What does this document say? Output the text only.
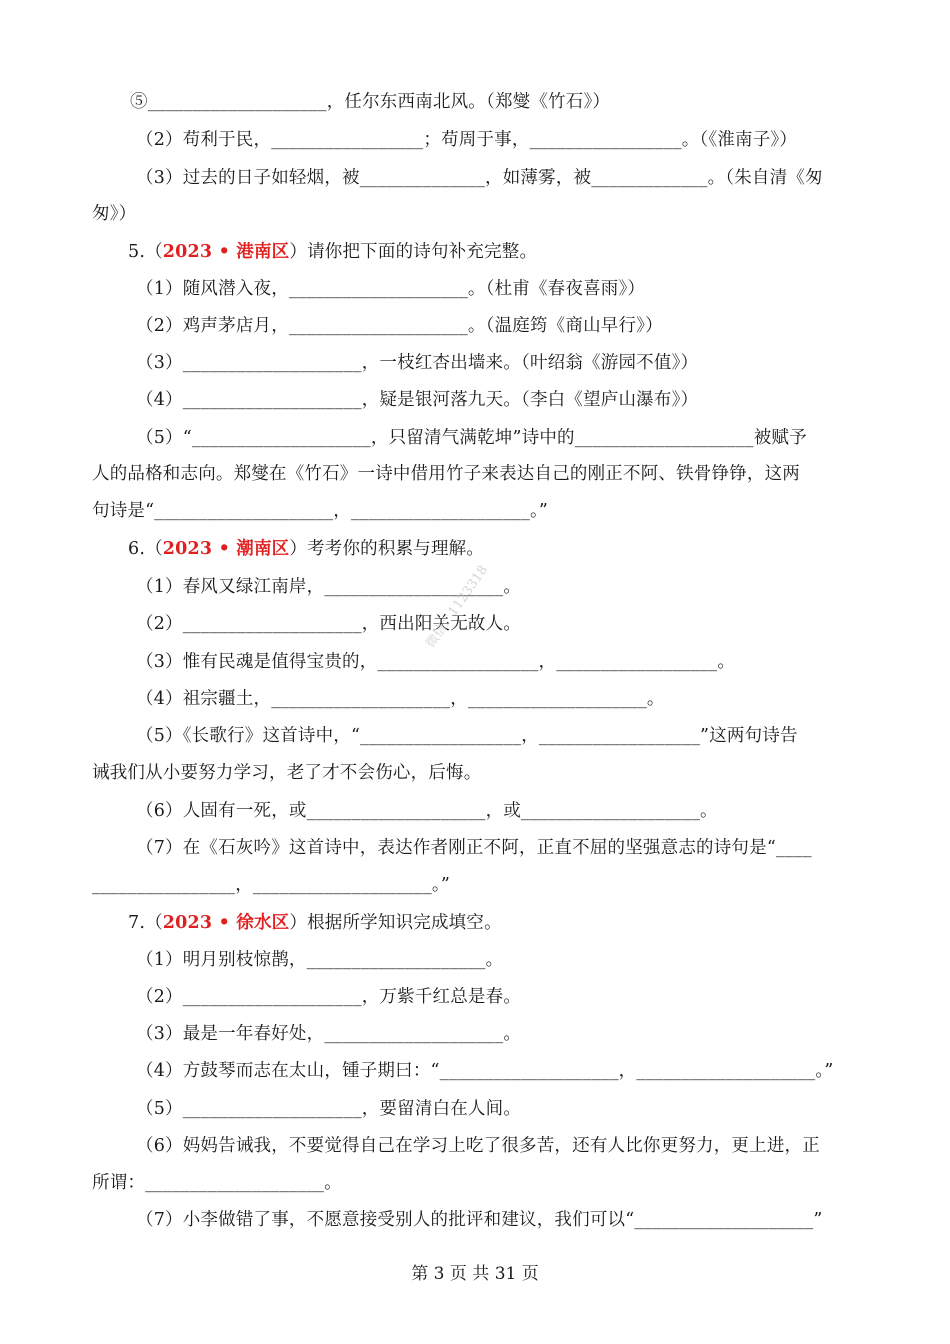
⑤____________________，任尔东西南北风。（郑燮《竹石》）
（2）苟利于民，_________________；苟周于事，_________________。（《淮南子》）
（3）过去的日子如轻烟，被______________，如薄雾，被_____________。（朱自清《匆
匆》）
5.（2023 • 港南区）请你把下面的诗句补充完整。
（1）随风潜入夜，____________________。（杜甫《春夜喜雨》）
（2）鸡声茅店月，____________________。（温庭筠《商山早行》）
（3）____________________，一枝红杏出墙来。（叶绍翁《游园不值》）
（4）____________________，疑是银河落九天。（李白《望庐山瀑布》）
（5）“____________________，只留清气满乾坤”诗中的____________________被赋予
人的品格和志向。郑燮在《竹石》一诗中借用竹子来表达自己的刚正不阿、铁骨铮铮，这两
句诗是“____________________，____________________。”
6.（2023 • 潮南区）考考你的积累与理解。
（1）春风又绿江南岸，____________________。
（2）____________________，西出阳关无故人。
（3）惟有民魂是值得宝贵的，__________________，__________________。
（4）祖宗疆土，____________________，____________________。
（5）《长歌行》这首诗中，“__________________，__________________”这两句诗告
诫我们从小要努力学习，老了才不会伤心，后悔。
（6）人固有一死，或____________________，或____________________。
（7）在《石灰吟》这首诗中，表达作者刚正不阿，正直不屈的坚强意志的诗句是“____
________________，____________________。”
7.（2023 • 徐水区）根据所学知识完成填空。
（1）明月别枝惊鹊，____________________。
（2）____________________，万紫千红总是春。
（3）最是一年春好处，____________________。
（4）方鼓琴而志在太山，锺子期曰：“____________________，____________________。”
（5）____________________，要留清白在人间。
（6）妈妈告诫我，不要觉得自己在学习上吃了很多苦，还有人比你更努力，更上进，正
所谓：____________________。
（7）小李做错了事，不愿意接受别人的批评和建议，我们可以“____________________”
微信：1123318
第 3 页 共 31 页
